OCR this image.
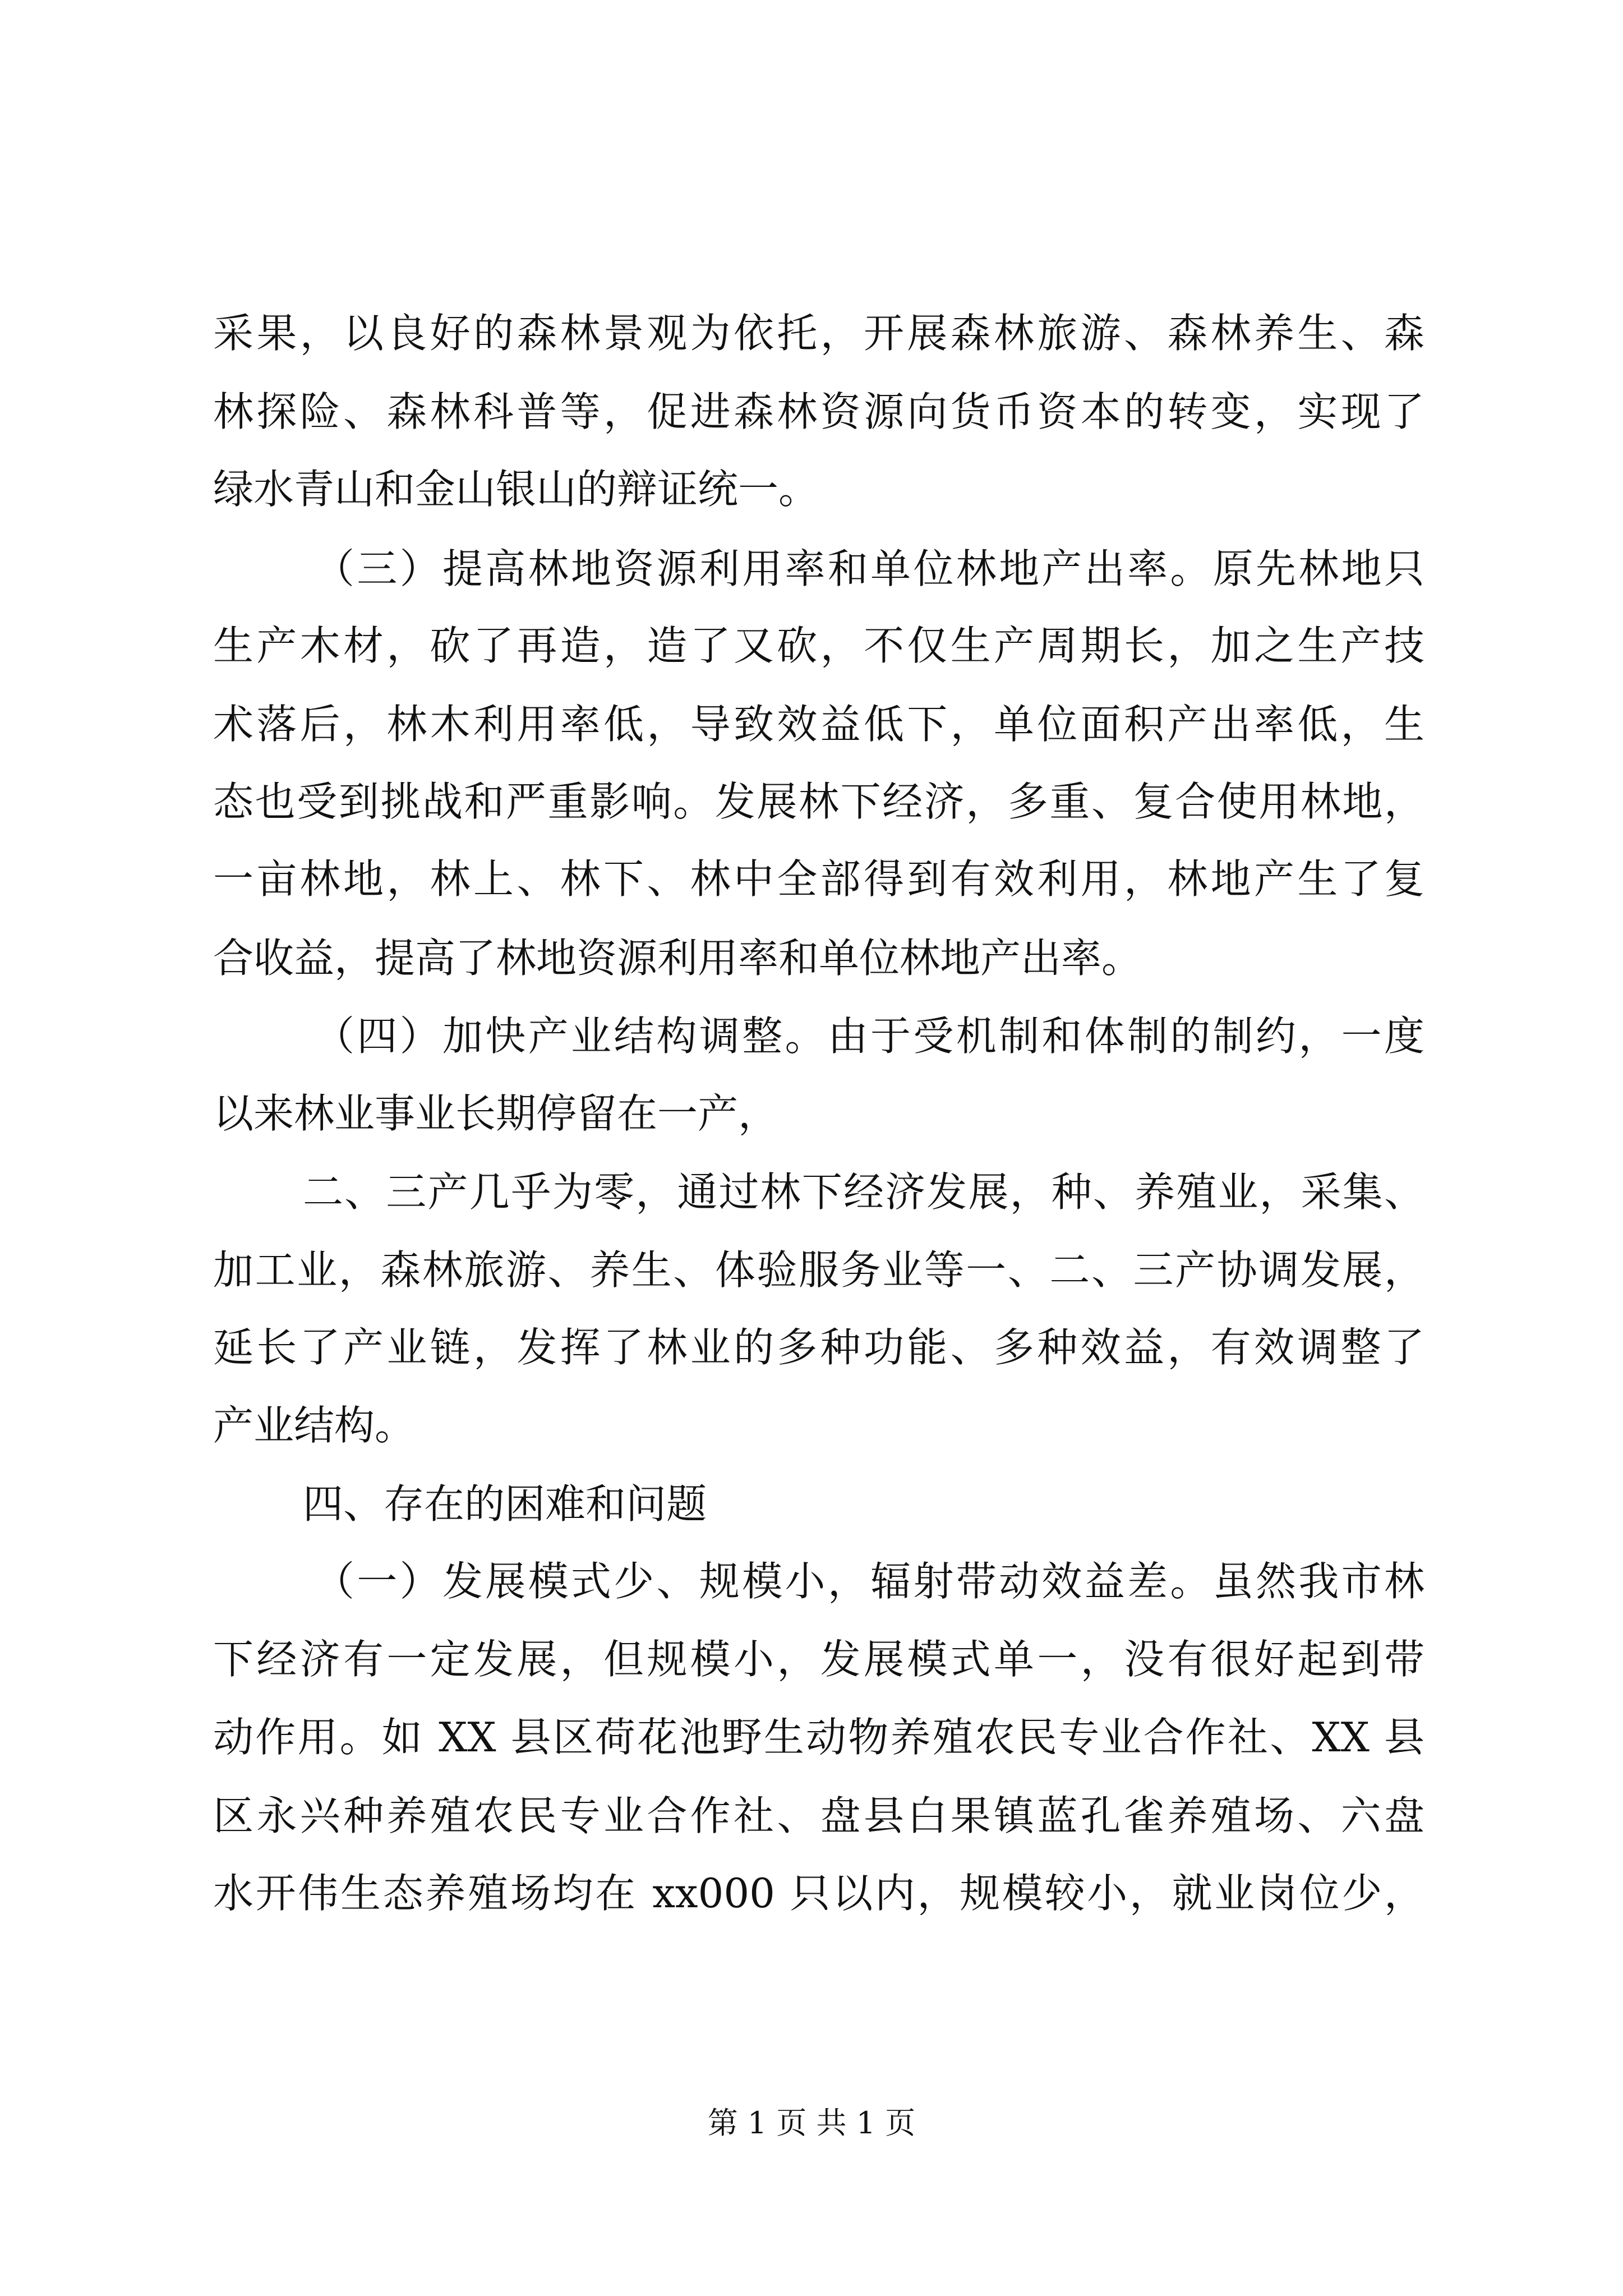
采果，以良好的森林景观为依托，开展森林旅游、森林养生、森

林探险、森林科普等，促进森林资源向货币资本的转变，实现了

绿水青山和金山银山的辩证统一。

（三）提高林地资源利用率和单位林地产出率。原先林地只

生产木材，砍了再造，造了又砍，不仅生产周期长，加之生产技

术落后，林木利用率低，导致效益低下，单位面积产出率低，生

态也受到挑战和严重影响。发展林下经济，多重、复合使用林地，

一亩林地，林上、林下、林中全部得到有效利用，林地产生了复

合收益，提高了林地资源利用率和单位林地产出率。

（四）加快产业结构调整。由于受机制和体制的制约，一度

以来林业事业长期停留在一产，

二、三产几乎为零，通过林下经济发展，种、养殖业，采集、

加工业，森林旅游、养生、体验服务业等一、二、三产协调发展，

延长了产业链，发挥了林业的多种功能、多种效益，有效调整了

产业结构。

四、存在的困难和问题

（一）发展模式少、规模小，辐射带动效益差。虽然我市林

下经济有一定发展，但规模小，发展模式单一，没有很好起到带

动作用。如 XX 县区荷花池野生动物养殖农民专业合作社、XX 县

区永兴种养殖农民专业合作社、盘县白果镇蓝孔雀养殖场、六盘

水开伟生态养殖场均在 xx000 只以内，规模较小，就业岗位少，

第 1 页 共 1 页
